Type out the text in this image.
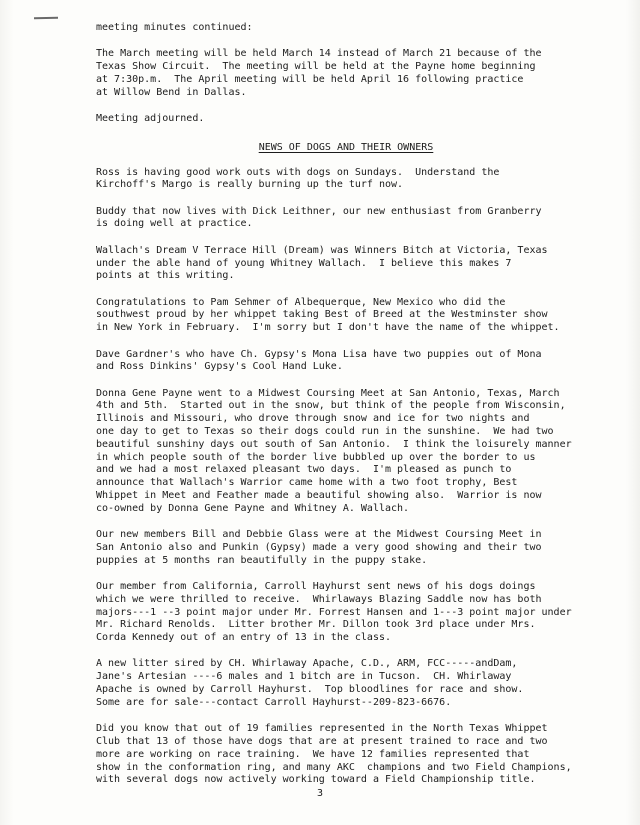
meeting minutes continued:
The March meeting will be held March 14 instead of March 21 because of the
Texas Show Circuit.  The meeting will be held at the Payne home beginning
at 7:30p.m.  The April meeting will be held April 16 following practice
at Willow Bend in Dallas.
Meeting adjourned.
NEWS OF DOGS AND THEIR OWNERS
Ross is having good work outs with dogs on Sundays.  Understand the
Kirchoff's Margo is really burning up the turf now.
Buddy that now lives with Dick Leithner, our new enthusiast from Granberry
is doing well at practice.
Wallach's Dream V Terrace Hill (Dream) was Winners Bitch at Victoria, Texas
under the able hand of young Whitney Wallach.  I believe this makes 7
points at this writing.
Congratulations to Pam Sehmer of Albequerque, New Mexico who did the
southwest proud by her whippet taking Best of Breed at the Westminster show
in New York in February.  I'm sorry but I don't have the name of the whippet.
Dave Gardner's who have Ch. Gypsy's Mona Lisa have two puppies out of Mona
and Ross Dinkins' Gypsy's Cool Hand Luke.
Donna Gene Payne went to a Midwest Coursing Meet at San Antonio, Texas, March
4th and 5th.  Started out in the snow, but think of the people from Wisconsin,
Illinois and Missouri, who drove through snow and ice for two nights and
one day to get to Texas so their dogs could run in the sunshine.  We had two
beautiful sunshiny days out south of San Antonio.  I think the loisurely manner
in which people south of the border live bubbled up over the border to us
and we had a most relaxed pleasant two days.  I'm pleased as punch to
announce that Wallach's Warrior came home with a two foot trophy, Best
Whippet in Meet and Feather made a beautiful showing also.  Warrior is now
co-owned by Donna Gene Payne and Whitney A. Wallach.
Our new members Bill and Debbie Glass were at the Midwest Coursing Meet in
San Antonio also and Punkin (Gypsy) made a very good showing and their two
puppies at 5 months ran beautifully in the puppy stake.
Our member from California, Carroll Hayhurst sent news of his dogs doings
which we were thrilled to receive.  Whirlaways Blazing Saddle now has both
majors---1 --3 point major under Mr. Forrest Hansen and 1---3 point major under
Mr. Richard Renolds.  Litter brother Mr. Dillon took 3rd place under Mrs.
Corda Kennedy out of an entry of 13 in the class.
A new litter sired by CH. Whirlaway Apache, C.D., ARM, FCC-----andDam,
Jane's Artesian ----6 males and 1 bitch are in Tucson.  CH. Whirlaway
Apache is owned by Carroll Hayhurst.  Top bloodlines for race and show.
Some are for sale---contact Carroll Hayhurst--209-823-6676.
Did you know that out of 19 families represented in the North Texas Whippet
Club that 13 of those have dogs that are at present trained to race and two
more are working on race training.  We have 12 families represented that
show in the conformation ring, and many AKC  champions and two Field Champions,
with several dogs now actively working toward a Field Championship title.
3
